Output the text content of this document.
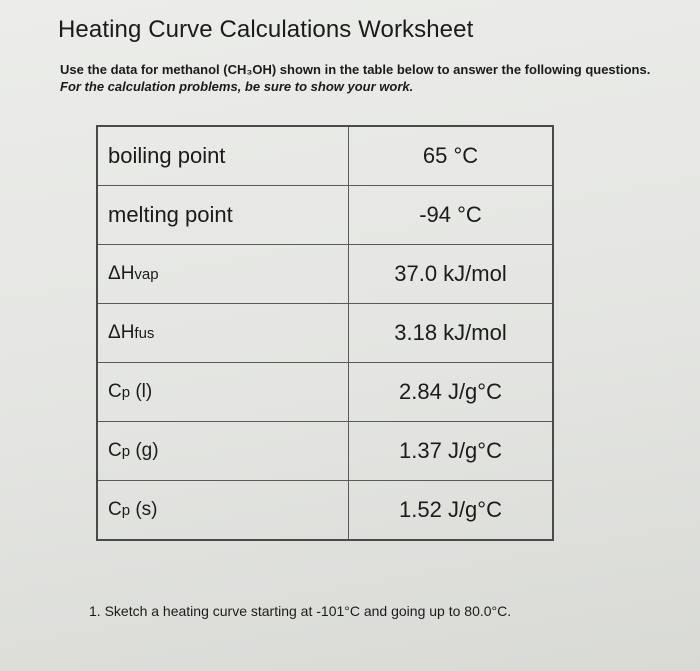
Heating Curve Calculations Worksheet
Use the data for methanol (CH₃OH) shown in the table below to answer the following questions. For the calculation problems, be sure to show your work.
boiling point	65 °C
melting point	-94 °C
ΔHvap	37.0 kJ/mol
ΔHfus	3.18 kJ/mol
Cp (l)	2.84 J/g°C
Cp (g)	1.37 J/g°C
Cp (s)	1.52 J/g°C
1. Sketch a heating curve starting at -101°C and going up to 80.0°C.
